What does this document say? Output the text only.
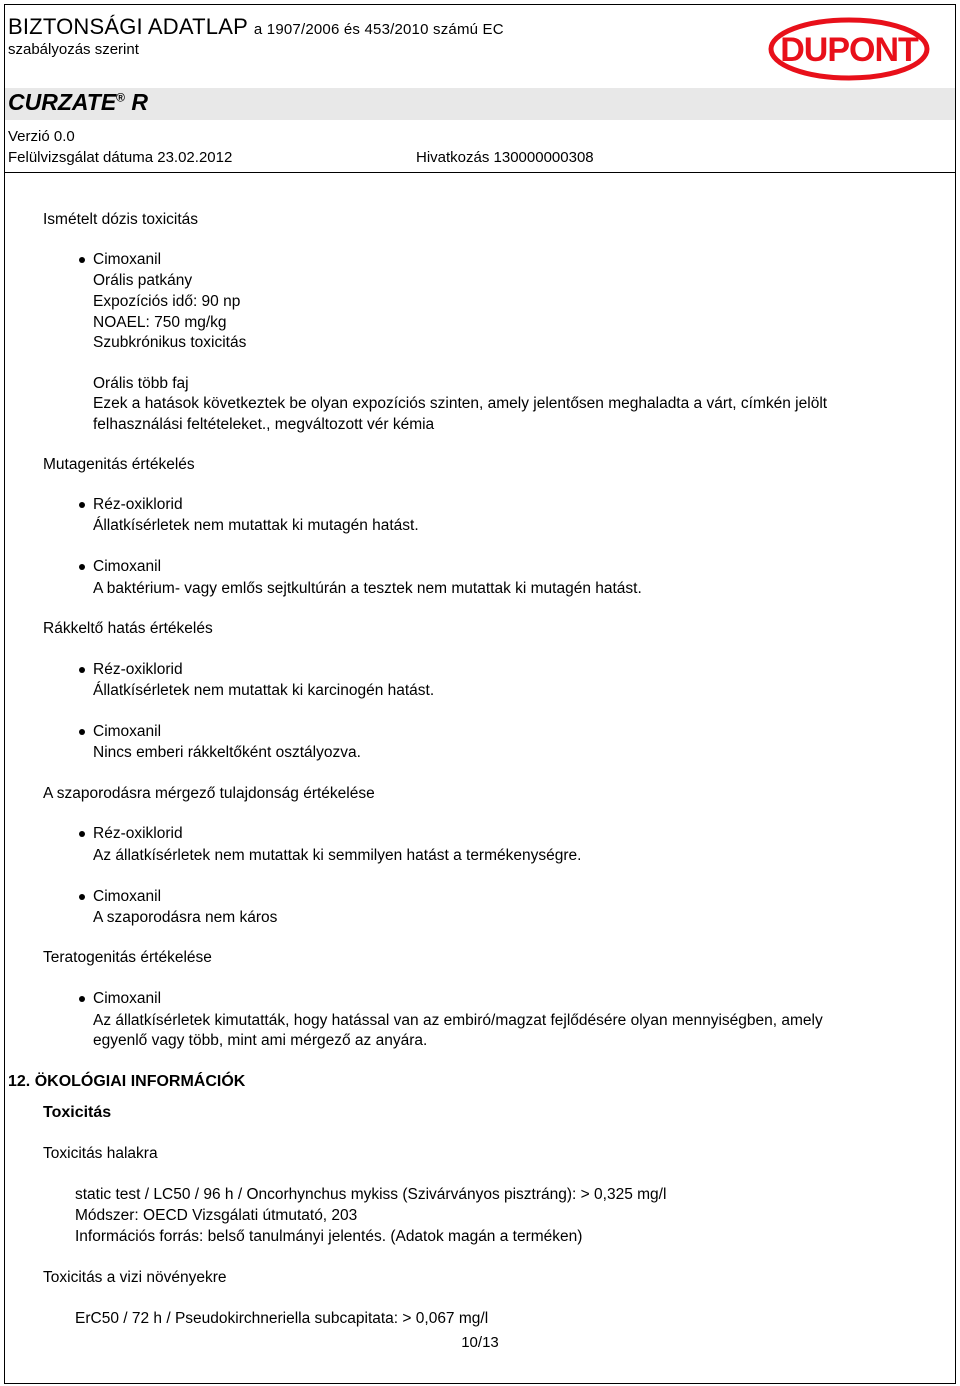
BIZTONSÁGI ADATLAP a 1907/2006 és 453/2010 számú EC
szabályozás szerint	DUPONT
CURZATE® R
Verzió 0.0
Felülvizsgálat dátuma 23.02.2012	Hivatkozás 130000000308
Ismételt dózis toxicitás
Cimoxanil
Orális patkány
Expozíciós idő: 90 np
NOAEL: 750 mg/kg
Szubkrónikus toxicitás
Orális több faj
Ezek a hatások következtek be olyan expozíciós szinten, amely jelentősen meghaladta a várt, címkén jelölt
felhasználási feltételeket., megváltozott vér kémia
Mutagenitás értékelés
Réz-oxiklorid
Állatkísérletek nem mutattak ki mutagén hatást.
Cimoxanil
A baktérium- vagy emlős sejtkultúrán a tesztek nem mutattak ki mutagén hatást.
Rákkeltő hatás értékelés
Réz-oxiklorid
Állatkísérletek nem mutattak ki karcinogén hatást.
Cimoxanil
Nincs emberi rákkeltőként osztályozva.
A szaporodásra mérgező tulajdonság értékelése
Réz-oxiklorid
Az állatkísérletek nem mutattak ki semmilyen hatást a termékenységre.
Cimoxanil
A szaporodásra nem káros
Teratogenitás értékelése
Cimoxanil
Az állatkísérletek kimutatták, hogy hatással van az embiró/magzat fejlődésére olyan mennyiségben, amely
egyenlő vagy több, mint ami mérgező az anyára.
12. ÖKOLÓGIAI INFORMÁCIÓK
Toxicitás
Toxicitás halakra
static test / LC50 / 96 h / Oncorhynchus mykiss (Szivárványos pisztráng): > 0,325 mg/l
Módszer: OECD Vizsgálati útmutató, 203
Információs forrás: belső tanulmányi jelentés. (Adatok magán a terméken)
Toxicitás a vizi növényekre
ErC50 / 72 h / Pseudokirchneriella subcapitata: > 0,067 mg/l
10/13
